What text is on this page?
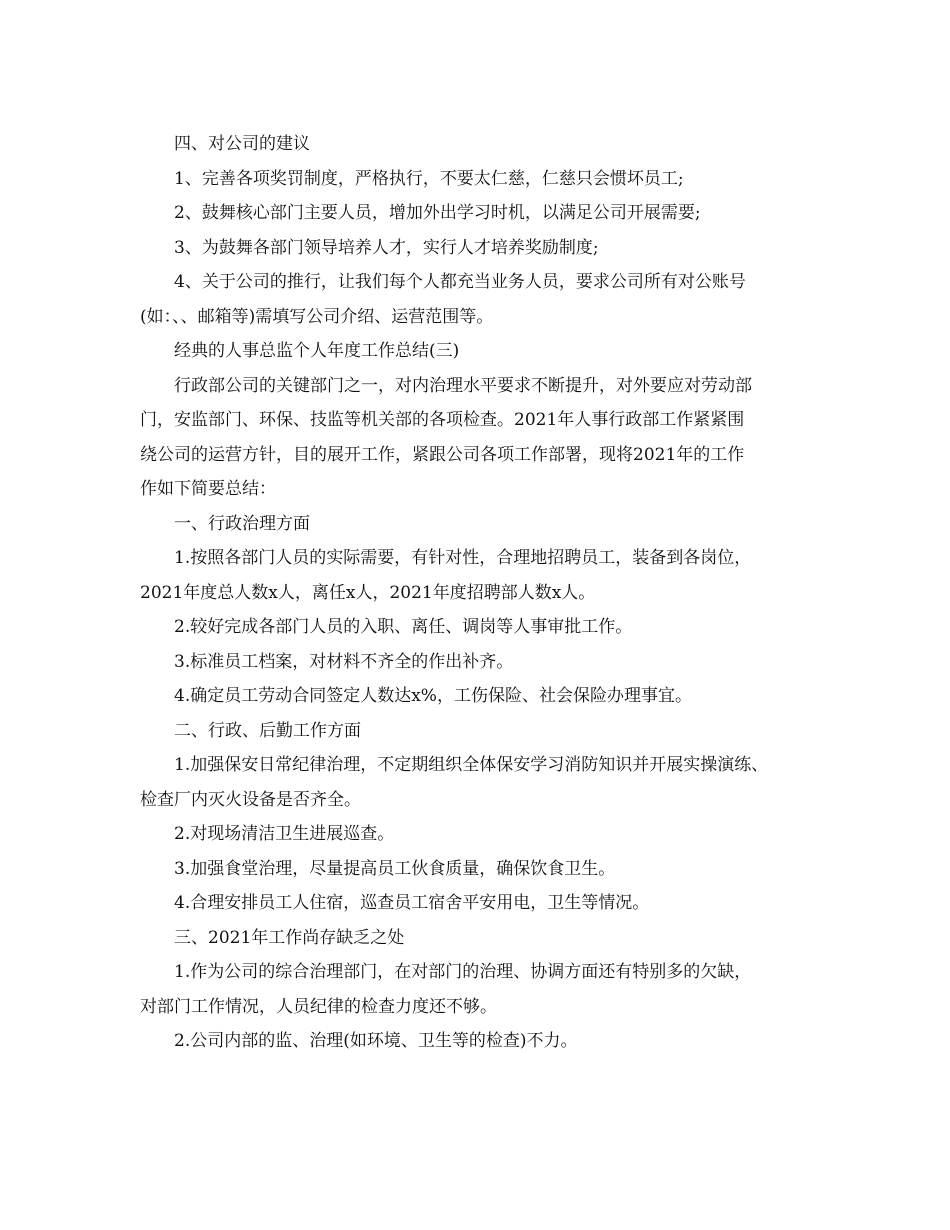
四、对公司的建议
1、完善各项奖罚制度，严格执行，不要太仁慈，仁慈只会惯坏员工;
2、鼓舞核心部门主要人员，增加外出学习时机，以满足公司开展需要;
3、为鼓舞各部门领导培养人才，实行人才培养奖励制度;
4、关于公司的推行，让我们每个人都充当业务人员，要求公司所有对公账号
(如：、、邮箱等)需填写公司介绍、运营范围等。
经典的人事总监个人年度工作总结(三)
行政部公司的关键部门之一，对内治理水平要求不断提升，对外要应对劳动部
门，安监部门、环保、技监等机关部的各项检查。2021年人事行政部工作紧紧围
绕公司的运营方针，目的展开工作，紧跟公司各项工作部署，现将2021年的工作
作如下简要总结：
一、行政治理方面
1.按照各部门人员的实际需要，有针对性，合理地招聘员工，装备到各岗位，
2021年度总人数x人，离任x人，2021年度招聘部人数x人。
2.较好完成各部门人员的入职、离任、调岗等人事审批工作。
3.标准员工档案，对材料不齐全的作出补齐。
4.确定员工劳动合同签定人数达x%，工伤保险、社会保险办理事宜。
二、行政、后勤工作方面
1.加强保安日常纪律治理，不定期组织全体保安学习消防知识并开展实操演练、
检查厂内灭火设备是否齐全。
2.对现场清洁卫生进展巡查。
3.加强食堂治理，尽量提高员工伙食质量，确保饮食卫生。
4.合理安排员工人住宿，巡查员工宿舍平安用电，卫生等情况。
三、2021年工作尚存缺乏之处
1.作为公司的综合治理部门，在对部门的治理、协调方面还有特别多的欠缺，
对部门工作情况，人员纪律的检查力度还不够。
2.公司内部的监、治理(如环境、卫生等的检查)不力。
